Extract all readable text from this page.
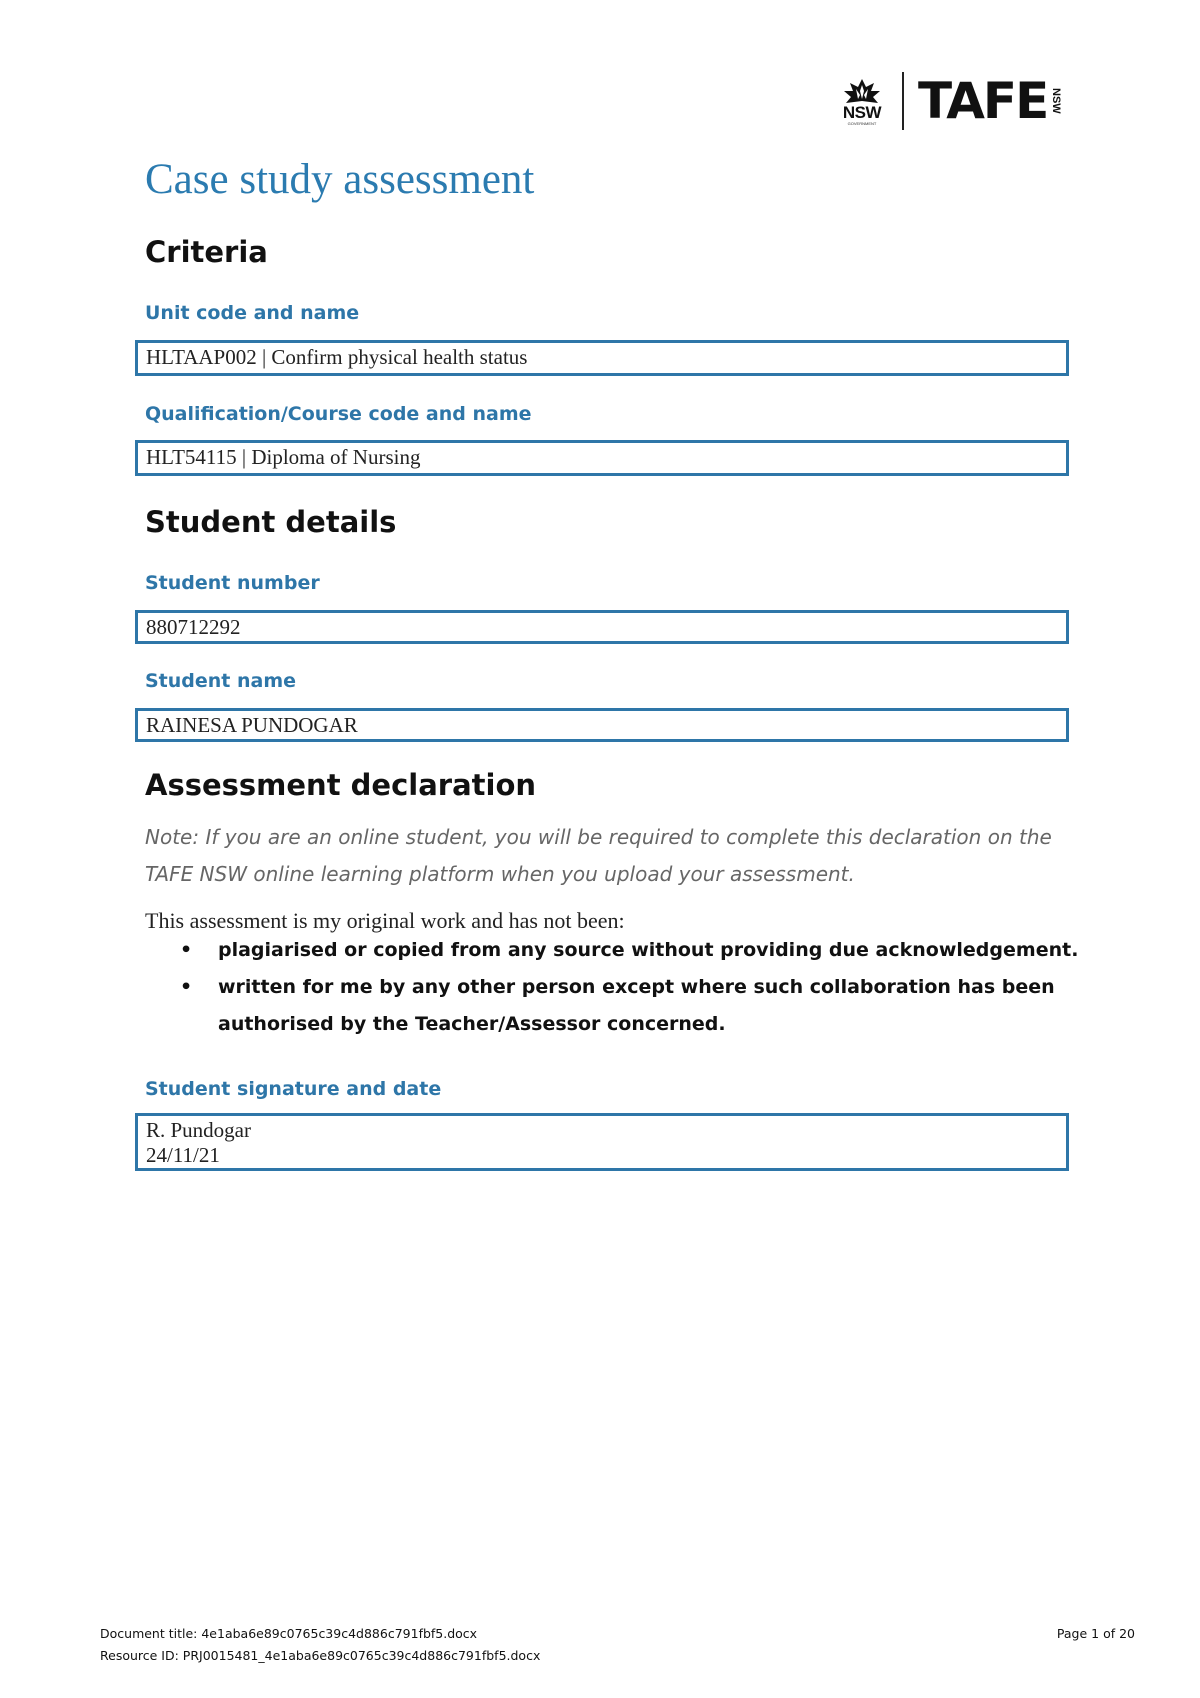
NSW
GOVERNMENT TAFE NSW
Case study assessment
Criteria
Unit code and name
HLTAAP002 | Confirm physical health status
Qualification/Course code and name
HLT54115 | Diploma of Nursing
Student details
Student number
880712292
Student name
RAINESA PUNDOGAR
Assessment declaration
Note: If you are an online student, you will be required to complete this declaration on the
TAFE NSW online learning platform when you upload your assessment.
This assessment is my original work and has not been:
• plagiarised or copied from any source without providing due acknowledgement.
• written for me by any other person except where such collaboration has been
authorised by the Teacher/Assessor concerned.
Student signature and date
R. Pundogar
24/11/21
Document title: 4e1aba6e89c0765c39c4d886c791fbf5.docx
Resource ID: PRJ0015481_4e1aba6e89c0765c39c4d886c791fbf5.docx
Page 1 of 20
